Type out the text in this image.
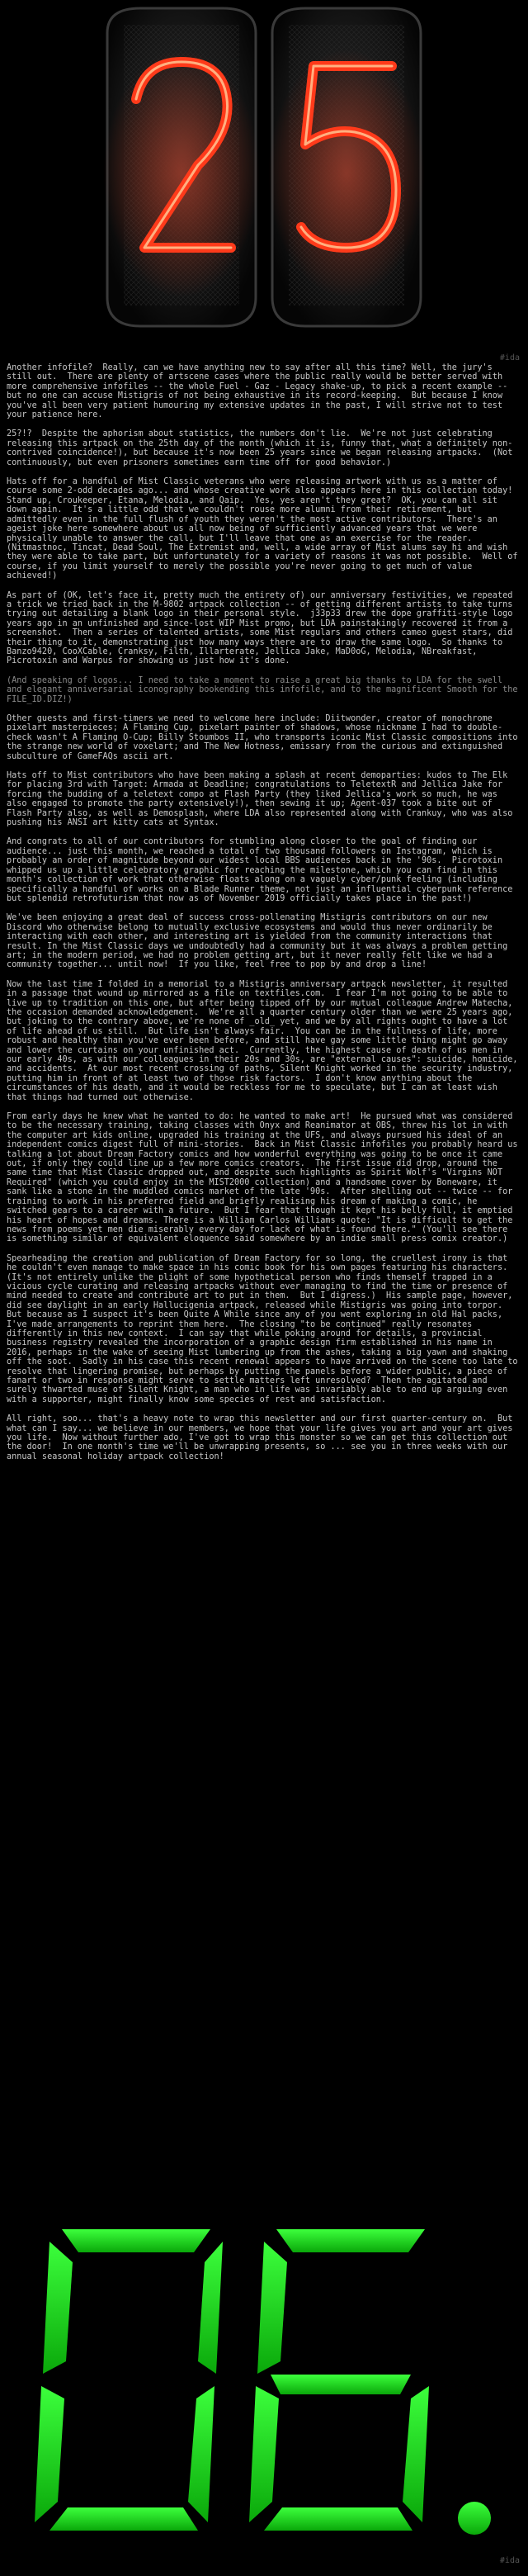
#ida

Another infofile?  Really, can we have anything new to say after all this time? Well, the jury's still out.  There are plenty of artscene cases where the public really would be better served with more comprehensive infofiles -- the whole Fuel - Gaz - Legacy shake-up, to pick a recent example -- but no one can accuse Mistigris of not being exhaustive in its record-keeping.  But because I know you've all been very patient humouring my extensive updates in the past, I will strive not to test your patience here.

25?!?  Despite the aphorism about statistics, the numbers don't lie.  We're not just celebrating releasing this artpack on the 25th day of the month (which it is, funny that, what a definitely non-contrived coincidence!), but because it's now been 25 years since we began releasing artpacks.  (Not continuously, but even prisoners sometimes earn time off for good behavior.)

Hats off for a handful of Mist Classic veterans who were releasing artwork with us as a matter of course some 2-odd decades ago... and whose creative work also appears here in this collection today!  Stand up, Croukeeper, Etana, Melodia, and Qaip.  Yes, yes aren't they great?  OK, you can all sit down again.  It's a little odd that we couldn't rouse more alumni from their retirement, but admittedly even in the full flush of youth they weren't the most active contributors.  There's an ageist joke here somewhere about us all now being of sufficiently advanced years that we were physically unable to answer the call, but I'll leave that one as an exercise for the reader. (Nitmastnoc, Tincat, Dead Soul, The Extremist and, well, a wide array of Mist alums say hi and wish they were able to take part, but unfortunately for a variety of reasons it was not possible.  Well of course, if you limit yourself to merely the possible you're never going to get much of value achieved!)

As part of (OK, let's face it, pretty much the entirety of) our anniversary festivities, we repeated a trick we tried back in the M-9802 artpack collection -- of getting different artists to take turns trying out detailing a blank logo in their personal style.  j33p33 drew the dope graffiti-style logo years ago in an unfinished and since-lost WIP Mist promo, but LDA painstakingly recovered it from a screenshot.  Then a series of talented artists, some Mist regulars and others cameo guest stars, did their thing to it, demonstrating just how many ways there are to draw the same logo.  So thanks to Banzo9420, CooXCable, Cranksy, Filth, Illarterate, Jellica Jake, MaD0oG, Melodia, NBreakfast, Picrotoxin and Warpus for showing us just how it's done.

(And speaking of logos... I need to take a moment to raise a great big thanks to LDA for the swell and elegant anniversarial iconography bookending this infofile, and to the magnificent Smooth for the FILE_ID.DIZ!)

Other guests and first-timers we need to welcome here include: Diitwonder, creator of monochrome pixelart masterpieces; A Flaming Cup, pixelart painter of shadows, whose nickname I had to double-check wasn't A Flaming O-Cup; Billy Stoumbos II, who transports iconic Mist Classic compositions into the strange new world of voxelart; and The New Hotness, emissary from the curious and extinguished subculture of GameFAQs ascii art.

Hats off to Mist contributors who have been making a splash at recent demoparties: kudos to The Elk for placing 3rd with Target: Armada at Deadline; congratulations to TeletextR and Jellica Jake for forcing the budding of a teletext compo at Flash Party (they liked Jellica's work so much, he was also engaged to promote the party extensively!), then sewing it up; Agent-037 took a bite out of Flash Party also, as well as Demosplash, where LDA also represented along with Crankuy, who was also pushing his ANSI art kitty cats at Syntax.

And congrats to all of our contributors for stumbling along closer to the goal of finding our audience... just this month, we reached a total of two thousand followers on Instagram, which is probably an order of magnitude beyond our widest local BBS audiences back in the '90s.  Picrotoxin whipped us up a little celebratory graphic for reaching the milestone, which you can find in this month's collection of work that otherwise floats along on a vaguely cyber/punk feeling (including specifically a handful of works on a Blade Runner theme, not just an influential cyberpunk reference but splendid retrofuturism that now as of November 2019 officially takes place in the past!)

We've been enjoying a great deal of success cross-pollenating Mistigris contributors on our new Discord who otherwise belong to mutually exclusive ecosystems and would thus never ordinarily be interacting with each other, and interesting art is yielded from the community interactions that result. In the Mist Classic days we undoubtedly had a community but it was always a problem getting art; in the modern period, we had no problem getting art, but it never really felt like we had a community together... until now!  If you like, feel free to pop by and drop a line!

Now the last time I folded in a memorial to a Mistigris anniversary artpack newsletter, it resulted in a passage that wound up mirrored as a file on textfiles.com.  I fear I'm not going to be able to live up to tradition on this one, but after being tipped off by our mutual colleague Andrew Matecha, the occasion demanded acknowledgement.  We're all a quarter century older than we were 25 years ago, but joking to the contrary above, we're none of _old_ yet, and we by all rights ought to have a lot of life ahead of us still.  But life isn't always fair.  You can be in the fullness of life, more robust and healthy than you've ever been before, and still have gay some little thing might go away and lower the curtains on your unfinished act.  Currently, the highest cause of death of us men in our early 40s, as with our colleagues in their 20s and 30s, are "external causes": suicide, homicide, and accidents.  At our most recent crossing of paths, Silent Knight worked in the security industry, putting him in front of at least two of those risk factors.  I don't know anything about the circumstances of his death, and it would be reckless for me to speculate, but I can at least wish that things had turned out otherwise.

From early days he knew what he wanted to do: he wanted to make art!  He pursued what was considered to be the necessary training, taking classes with Onyx and Reanimator at OBS, threw his lot in with the computer art kids online, upgraded his training at the UFS, and always pursued his ideal of an independent comics digest full of mini-stories.  Back in Mist Classic infofiles you probably heard us talking a lot about Dream Factory comics and how wonderful everything was going to be once it came out, if only they could line up a few more comics creators.  The first issue did drop, around the same time that Mist Classic dropped out, and despite such highlights as Spirit Wolf's "Virgins NOT Required" (which you could enjoy in the MIST2000 collection) and a handsome cover by Boneware, it sank like a stone in the muddled comics market of the late '90s.  After shelling out -- twice -- for training to work in his preferred field and briefly realising his dream of making a comic, he switched gears to a career with a future.  But I fear that though it kept his belly full, it emptied his heart of hopes and dreams. There is a William Carlos Williams quote: "It is difficult to get the news from poems yet men die miserably every day for lack of what is found there." (You'll see there is something similar of equivalent eloquence said somewhere by an indie small press comix creator.)

Spearheading the creation and publication of Dream Factory for so long, the cruellest irony is that he couldn't even manage to make space in his comic book for his own pages featuring his characters.  (It's not entirely unlike the plight of some hypothetical person who finds themself trapped in a vicious cycle curating and releasing artpacks without ever managing to find the time or presence of mind needed to create and contribute art to put in them.  But I digress.)  His sample page, however, did see daylight in an early Hallucigenia artpack, released while Mistigris was going into torpor.  But because as I suspect it's been Quite A While since any of you went exploring in old Hal packs, I've made arrangements to reprint them here.  The closing "to be continued" really resonates differently in this new context.  I can say that while poking around for details, a provincial business registry revealed the incorporation of a graphic design firm established in his name in 2016, perhaps in the wake of seeing Mist lumbering up from the ashes, taking a big yawn and shaking off the soot.  Sadly in his case this recent renewal appears to have arrived on the scene too late to resolve that lingering promise, but perhaps by putting the panels before a wider public, a piece of fanart or two in response might serve to settle matters left unresolved?  Then the agitated and surely thwarted muse of Silent Knight, a man who in life was invariably able to end up arguing even with a supporter, might finally know some species of rest and satisfaction.

All right, soo... that's a heavy note to wrap this newsletter and our first quarter-century on.  But what can I say... we believe in our members, we hope that your life gives you art and your art gives you life.  Now without further ado, I've got to wrap this monster so we can get this collection out the door!  In one month's time we'll be unwrapping presents, so ... see you in three weeks with our annual seasonal holiday artpack collection!

#ida
